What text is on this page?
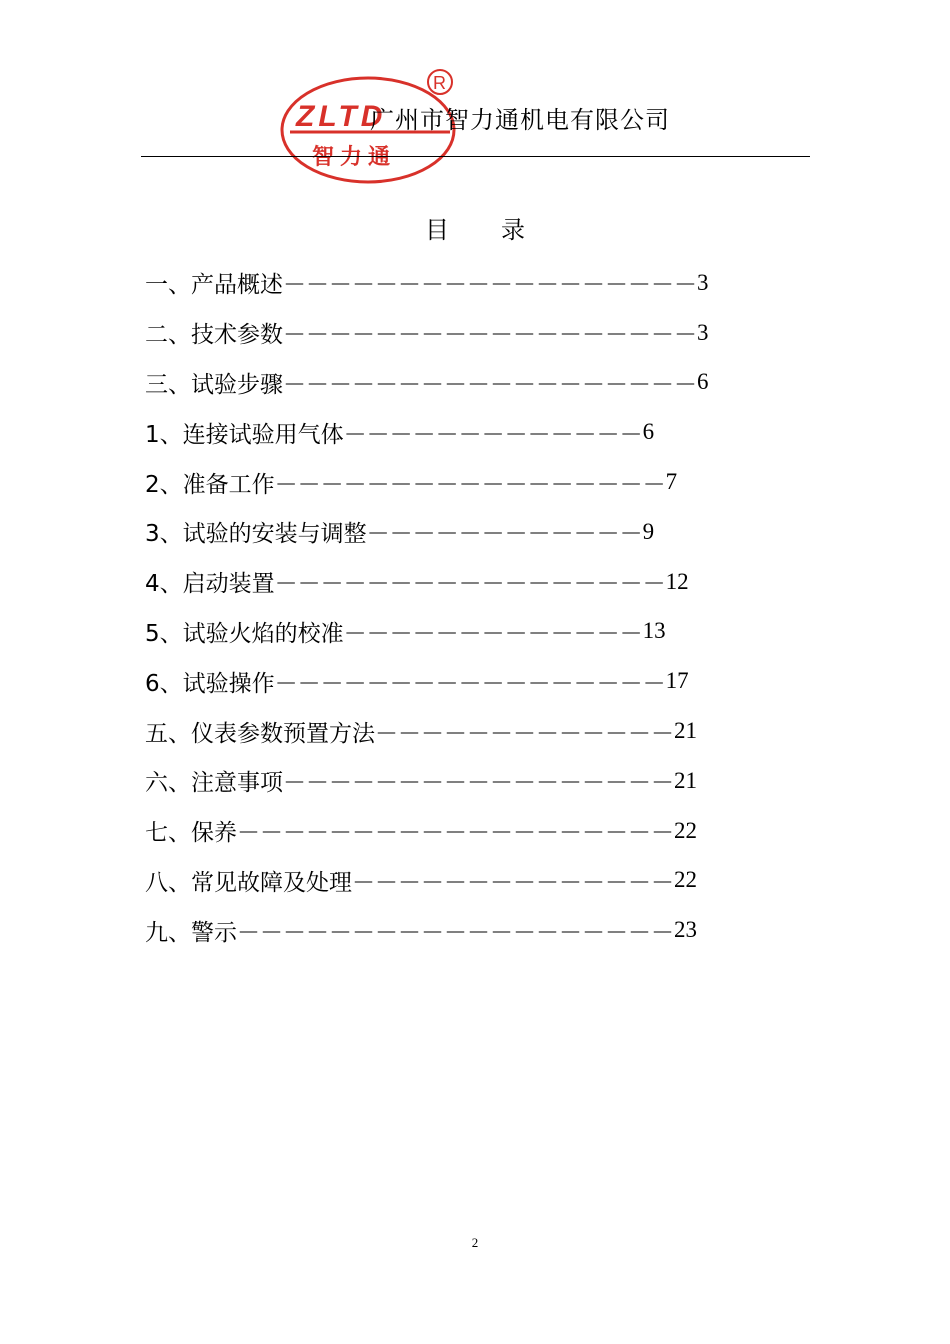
ZLTD
智力通
R
广州市智力通机电有限公司
目 录
一、产品概述 －－－－－－－－－－－－－－－－－－ 3
二、技术参数 －－－－－－－－－－－－－－－－－－ 3
三、试验步骤 －－－－－－－－－－－－－－－－－－ 6
1、连接试验用气体 －－－－－－－－－－－－－ 6
2、准备工作 －－－－－－－－－－－－－－－－－ 7
3、试验的安装与调整 －－－－－－－－－－－－ 9
4、启动装置 －－－－－－－－－－－－－－－－－ 12
5、试验火焰的校准 －－－－－－－－－－－－－ 13
6、试验操作 －－－－－－－－－－－－－－－－－ 17
五、仪表参数预置方法 －－－－－－－－－－－－－ 21
六、注意事项 －－－－－－－－－－－－－－－－－ 21
七、保养 －－－－－－－－－－－－－－－－－－－ 22
八、常见故障及处理 －－－－－－－－－－－－－－ 22
九、警示 －－－－－－－－－－－－－－－－－－－ 23
2
